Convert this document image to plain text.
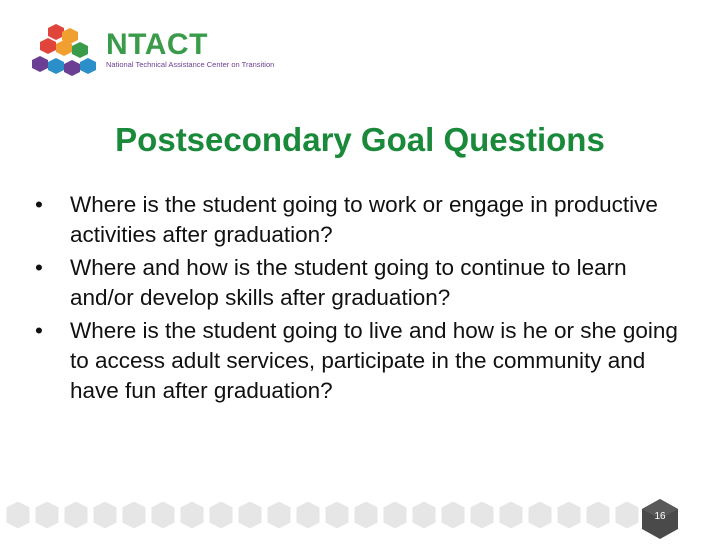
NTACT
National Technical Assistance Center on Transition
Postsecondary Goal Questions
• Where is the student going to work or engage in productive activities after graduation?
• Where and how is the student going to continue to learn and/or develop skills after graduation?
• Where is the student going to live and how is he or she going to access adult services, participate in the community and have fun after graduation?
16
